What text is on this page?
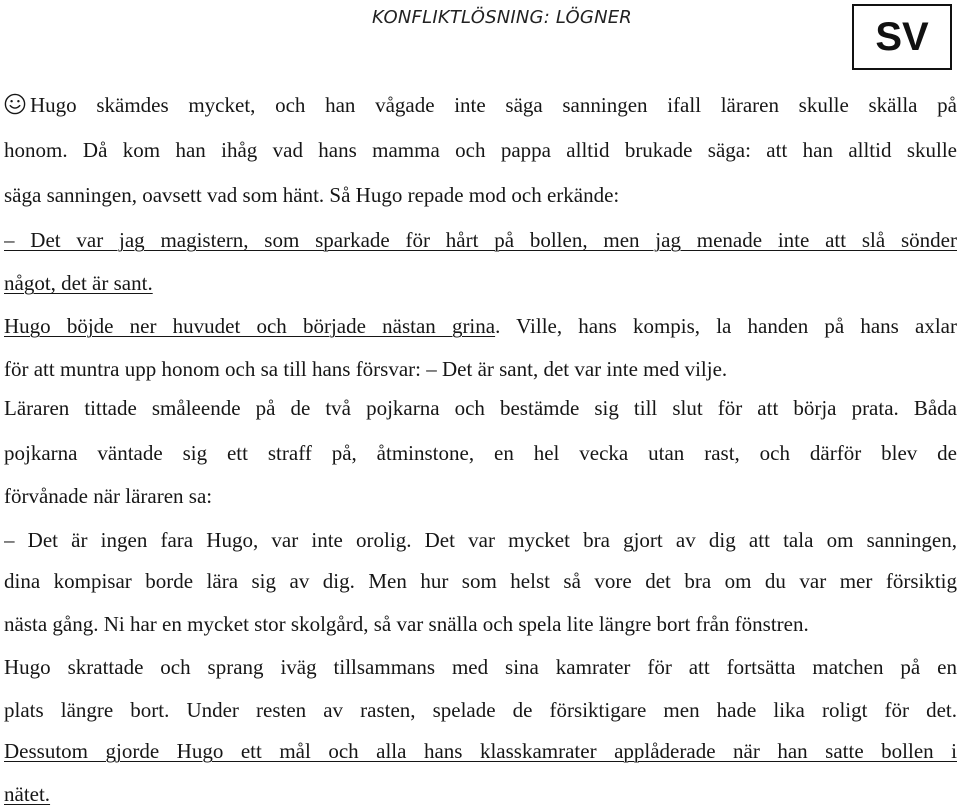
KONFLIKTLÖSNING: LÖGNER	SV
Hugo skämdes mycket, och han vågade inte säga sanningen ifall läraren skulle skälla på
honom. Då kom han ihåg vad hans mamma och pappa alltid brukade säga: att han alltid skulle
säga sanningen, oavsett vad som hänt. Så Hugo repade mod och erkände:
– Det var jag magistern, som sparkade för hårt på bollen, men jag menade inte att slå sönder
något, det är sant.
Hugo böjde ner huvudet och började nästan grina. Ville, hans kompis, la handen på hans axlar
för att muntra upp honom och sa till hans försvar: – Det är sant, det var inte med vilje.
Läraren tittade småleende på de två pojkarna och bestämde sig till slut för att börja prata. Båda
pojkarna väntade sig ett straff på, åtminstone, en hel vecka utan rast, och därför blev de
förvånade när läraren sa:
– Det är ingen fara Hugo, var inte orolig. Det var mycket bra gjort av dig att tala om sanningen,
dina kompisar borde lära sig av dig. Men hur som helst så vore det bra om du var mer försiktig
nästa gång. Ni har en mycket stor skolgård, så var snälla och spela lite längre bort från fönstren.
Hugo skrattade och sprang iväg tillsammans med sina kamrater för att fortsätta matchen på en
plats längre bort. Under resten av rasten, spelade de försiktigare men hade lika roligt för det.
Dessutom gjorde Hugo ett mål och alla hans klasskamrater applåderade när han satte bollen i
nätet.
